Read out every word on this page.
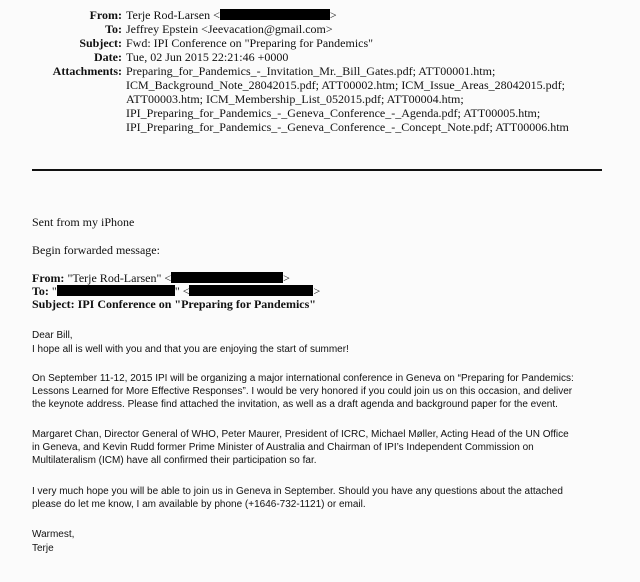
From: Terje Rod-Larsen <	>
To: Jeffrey Epstein <Jeevacation@gmail.com>
Subject: Fwd: IPI Conference on "Preparing for Pandemics"
Date: Tue, 02 Jun 2015 22:21:46 +0000
Attachments: Preparing_for_Pandemics_-_Invitation_Mr._Bill_Gates.pdf; ATT00001.htm;
ICM_Background_Note_28042015.pdf; ATT00002.htm; ICM_Issue_Areas_28042015.pdf;
ATT00003.htm; ICM_Membership_List_052015.pdf; ATT00004.htm;
IPI_Preparing_for_Pandemics_-_Geneva_Conference_-_Agenda.pdf; ATT00005.htm;
IPI_Preparing_for_Pandemics_-_Geneva_Conference_-_Concept_Note.pdf; ATT00006.htm
Sent from my iPhone
Begin forwarded message:
From: "Terje Rod-Larsen" <	>
To: "	" <	>
Subject: IPI Conference on "Preparing for Pandemics"
Dear Bill,
I hope all is well with you and that you are enjoying the start of summer!
On September 11-12, 2015 IPI will be organizing a major international conference in Geneva on “Preparing for Pandemics:
Lessons Learned for More Effective Responses”. I would be very honored if you could join us on this occasion, and deliver
the keynote address. Please find attached the invitation, as well as a draft agenda and background paper for the event.
Margaret Chan, Director General of WHO, Peter Maurer, President of ICRC, Michael Møller, Acting Head of the UN Office
in Geneva, and Kevin Rudd former Prime Minister of Australia and Chairman of IPI’s Independent Commission on
Multilateralism (ICM) have all confirmed their participation so far.
I very much hope you will be able to join us in Geneva in September. Should you have any questions about the attached
please do let me know, I am available by phone (+1646-732-1121) or email.
Warmest,
Terje
